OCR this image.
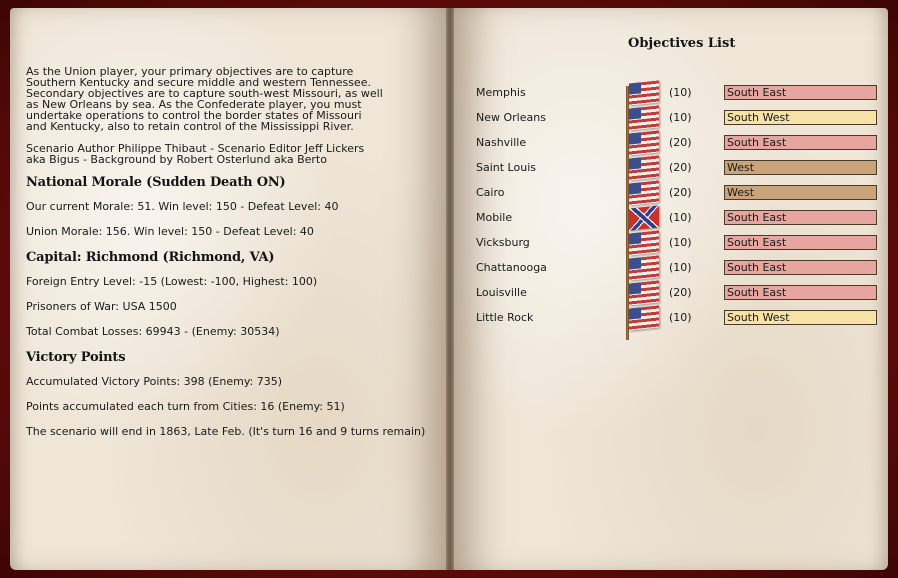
As the Union player, your primary objectives are to capture
Southern Kentucky and secure middle and western Tennessee.
Secondary objectives are to capture south-west Missouri, as well
as New Orleans by sea. As the Confederate player, you must
undertake operations to control the border states of Missouri
and Kentucky, also to retain control of the Mississippi River.
Scenario Author Philippe Thibaut - Scenario Editor Jeff Lickers
aka Bigus - Background by Robert Osterlund aka Berto
National Morale (Sudden Death ON)
Our current Morale: 51. Win level: 150 - Defeat Level: 40
Union Morale: 156. Win level: 150 - Defeat Level: 40
Capital: Richmond (Richmond, VA)
Foreign Entry Level: -15 (Lowest: -100, Highest: 100)
Prisoners of War: USA 1500
Total Combat Losses: 69943 - (Enemy: 30534)
Victory Points
Accumulated Victory Points: 398 (Enemy: 735)
Points accumulated each turn from Cities: 16 (Enemy: 51)
The scenario will end in 1863, Late Feb. (It's turn 16 and 9 turns remain)
Objectives List
Memphis	(10)	South East
New Orleans	(10)	South West
Nashville	(20)	South East
Saint Louis	(20)	West
Cairo	(20)	West
Mobile	(10)	South East
Vicksburg	(10)	South East
Chattanooga	(10)	South East
Louisville	(20)	South East
Little Rock	(10)	South West
